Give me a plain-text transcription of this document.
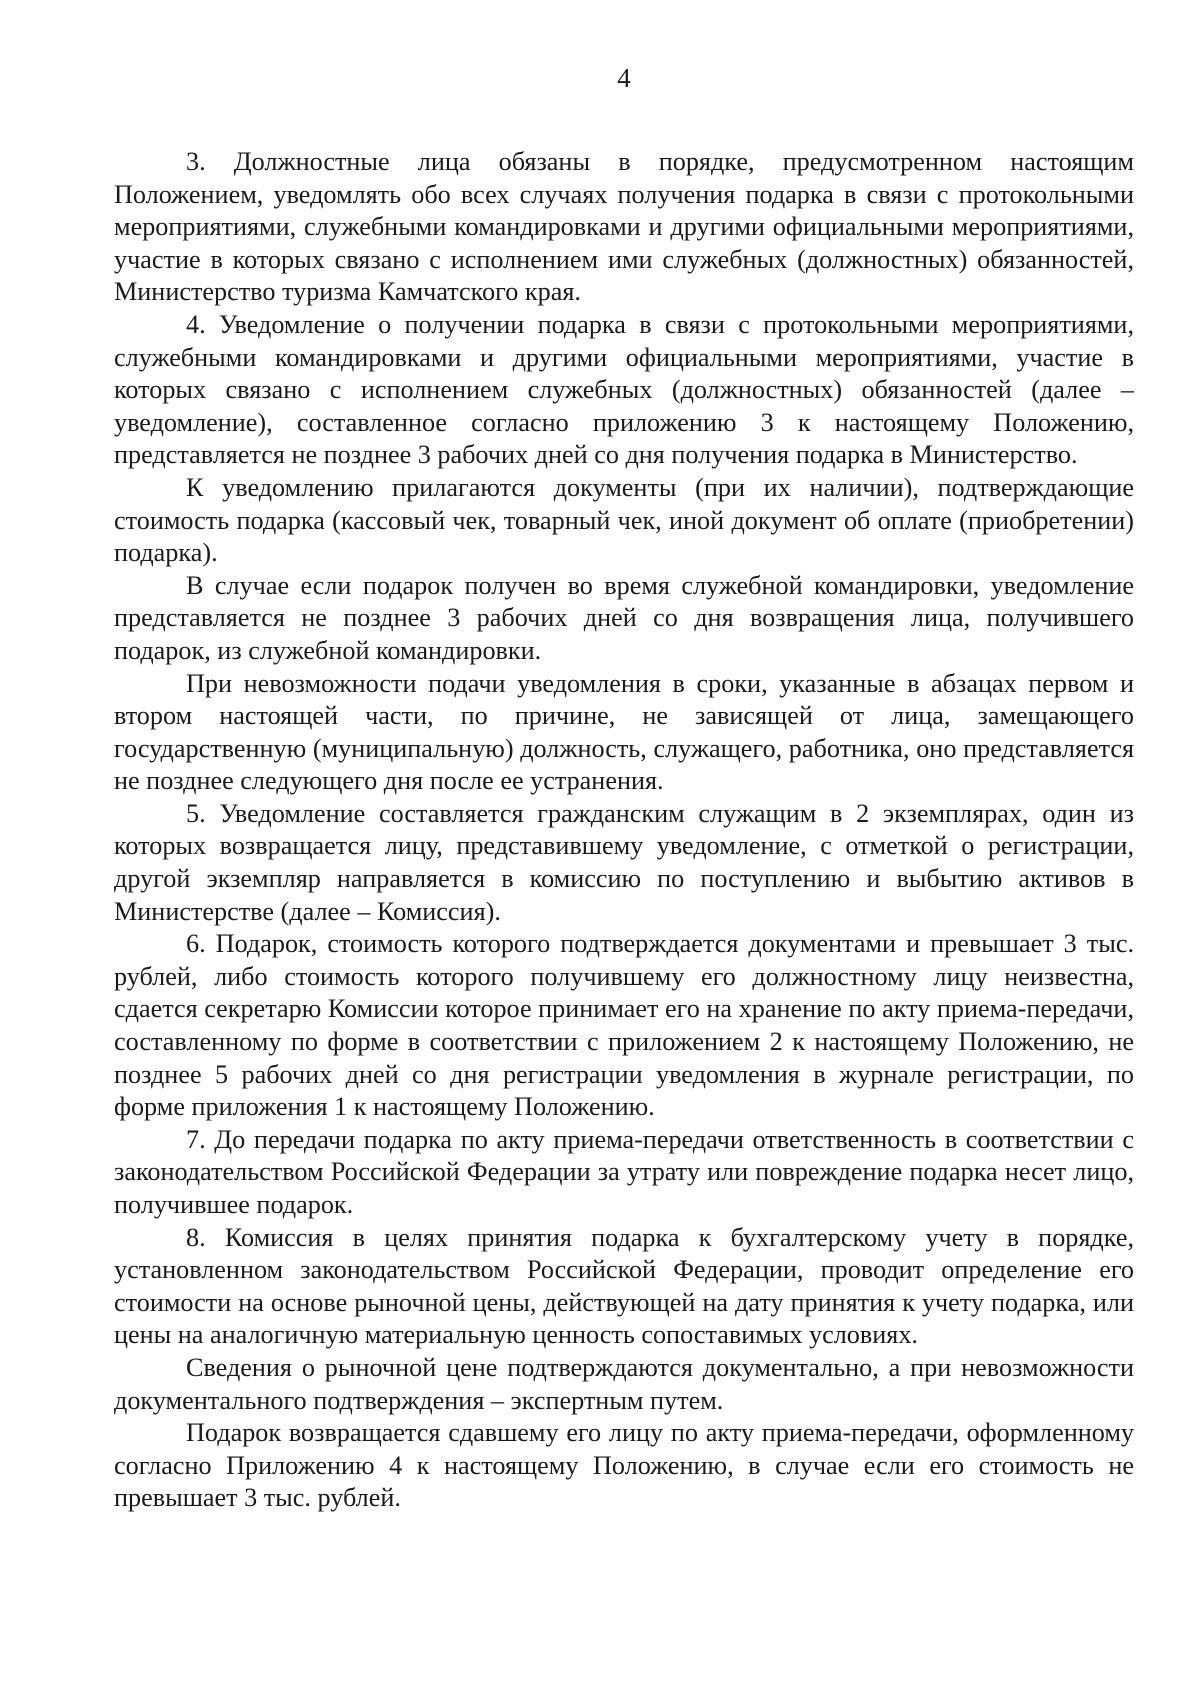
4

3. Должностные лица обязаны в порядке, предусмотренном настоящим Положением, уведомлять обо всех случаях получения подарка в связи с протокольными мероприятиями, служебными командировками и другими официальными мероприятиями, участие в которых связано с исполнением ими служебных (должностных) обязанностей, Министерство туризма Камчатского края.

4. Уведомление о получении подарка в связи с протокольными мероприятиями, служебными командировками и другими официальными мероприятиями, участие в которых связано с исполнением служебных (должностных) обязанностей (далее – уведомление), составленное согласно приложению 3 к настоящему Положению, представляется не позднее 3 рабочих дней со дня получения подарка в Министерство.

К уведомлению прилагаются документы (при их наличии), подтверждающие стоимость подарка (кассовый чек, товарный чек, иной документ об оплате (приобретении) подарка).

В случае если подарок получен во время служебной командировки, уведомление представляется не позднее 3 рабочих дней со дня возвращения лица, получившего подарок, из служебной командировки.

При невозможности подачи уведомления в сроки, указанные в абзацах первом и втором настоящей части, по причине, не зависящей от лица, замещающего государственную (муниципальную) должность, служащего, работника, оно представляется не позднее следующего дня после ее устранения.

5. Уведомление составляется гражданским служащим в 2 экземплярах, один из которых возвращается лицу, представившему уведомление, с отметкой о регистрации, другой экземпляр направляется в комиссию по поступлению и выбытию активов в Министерстве (далее – Комиссия).

6. Подарок, стоимость которого подтверждается документами и превышает 3 тыс. рублей, либо стоимость которого получившему его должностному лицу неизвестна, сдается секретарю Комиссии которое принимает его на хранение по акту приема-передачи, составленному по форме в соответствии с приложением 2 к настоящему Положению, не позднее 5 рабочих дней со дня регистрации уведомления в журнале регистрации, по форме приложения 1 к настоящему Положению.

7. До передачи подарка по акту приема-передачи ответственность в соответствии с законодательством Российской Федерации за утрату или повреждение подарка несет лицо, получившее подарок.

8. Комиссия в целях принятия подарка к бухгалтерскому учету в порядке, установленном законодательством Российской Федерации, проводит определение его стоимости на основе рыночной цены, действующей на дату принятия к учету подарка, или цены на аналогичную материальную ценность сопоставимых условиях.

Сведения о рыночной цене подтверждаются документально, а при невозможности документального подтверждения – экспертным путем.

Подарок возвращается сдавшему его лицу по акту приема-передачи, оформленному согласно Приложению 4 к настоящему Положению, в случае если его стоимость не превышает 3 тыс. рублей.
